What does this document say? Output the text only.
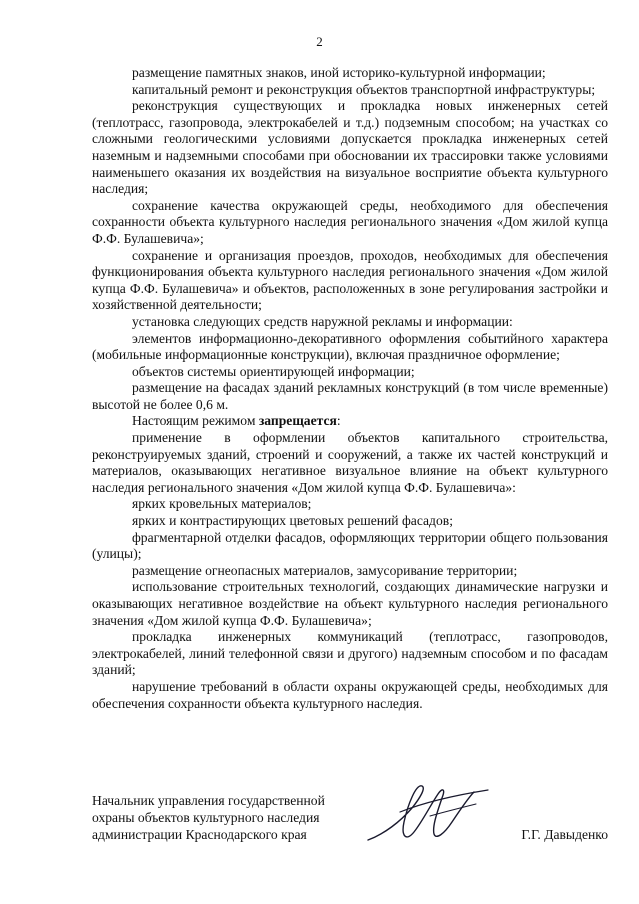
2

размещение памятных знаков, иной историко-культурной информации;

капитальный ремонт и реконструкция объектов транспортной инфраструктуры;

реконструкция существующих и прокладка новых инженерных сетей (теплотрасс, газопровода, электрокабелей и т.д.) подземным способом; на участках со сложными геологическими условиями допускается прокладка инженерных сетей наземным и надземными способами при обосновании их трассировки также условиями наименьшего оказания их воздействия на визуальное восприятие объекта культурного наследия;

сохранение качества окружающей среды, необходимого для обеспечения сохранности объекта культурного наследия регионального значения «Дом жилой купца Ф.Ф. Булашевича»;

сохранение и организация проездов, проходов, необходимых для обеспечения функционирования объекта культурного наследия регионального значения «Дом жилой купца Ф.Ф. Булашевича» и объектов, расположенных в зоне регулирования застройки и хозяйственной деятельности;

установка следующих средств наружной рекламы и информации:

элементов информационно-декоративного оформления событийного характера (мобильные информационные конструкции), включая праздничное оформление;

объектов системы ориентирующей информации;

размещение на фасадах зданий рекламных конструкций (в том числе временные) высотой не более 0,6 м.

Настоящим режимом запрещается:

применение в оформлении объектов капитального строительства, реконструируемых зданий, строений и сооружений, а также их частей конструкций и материалов, оказывающих негативное визуальное влияние на объект культурного наследия регионального значения «Дом жилой купца Ф.Ф. Булашевича»:

ярких кровельных материалов;

ярких и контрастирующих цветовых решений фасадов;

фрагментарной отделки фасадов, оформляющих территории общего пользования (улицы);

размещение огнеопасных материалов, замусоривание территории;

использование строительных технологий, создающих динамические нагрузки и оказывающих негативное воздействие на объект культурного наследия регионального значения «Дом жилой купца Ф.Ф. Булашевича»;

прокладка инженерных коммуникаций (теплотрасс, газопроводов, электрокабелей, линий телефонной связи и другого) надземным способом и по фасадам зданий;

нарушение требований в области охраны окружающей среды, необходимых для обеспечения сохранности объекта культурного наследия.

Начальник управления государственной
охраны объектов культурного наследия
администрации Краснодарского края	Г.Г. Давыденко
